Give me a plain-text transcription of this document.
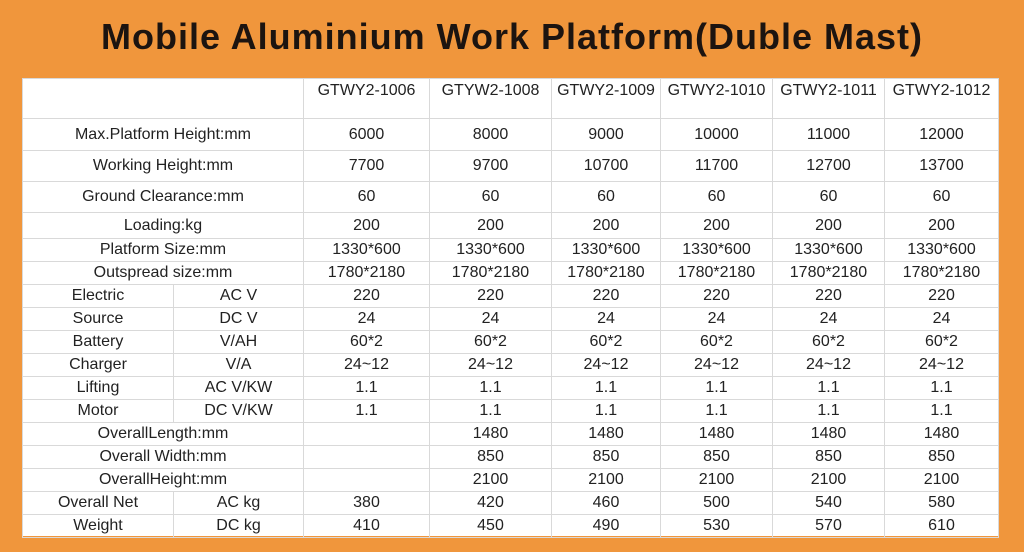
Mobile Aluminium Work Platform(Duble Mast)
		GTWY2-1006	GTYW2-1008	GTWY2-1009	GTWY2-1010	GTWY2-1011	GTWY2-1012
Max.Platform Height:mm		6000	8000	9000	10000	11000	12000
Working Height:mm		7700	9700	10700	11700	12700	13700
Ground Clearance:mm		60	60	60	60	60	60
Loading:kg		200	200	200	200	200	200
Platform Size:mm		1330*600	1330*600	1330*600	1330*600	1330*600	1330*600
Outspread size:mm		1780*2180	1780*2180	1780*2180	1780*2180	1780*2180	1780*2180
Electric	AC V	220	220	220	220	220	220
Source	DC V	24	24	24	24	24	24
Battery	V/AH	60*2	60*2	60*2	60*2	60*2	60*2
Charger	V/A	24~12	24~12	24~12	24~12	24~12	24~12
Lifting	AC V/KW	1.1	1.1	1.1	1.1	1.1	1.1
Motor	DC V/KW	1.1	1.1	1.1	1.1	1.1	1.1
OverallLength:mm			1480	1480	1480	1480	1480
Overall Width:mm			850	850	850	850	850
OverallHeight:mm			2100	2100	2100	2100	2100
Overall Net	AC kg	380	420	460	500	540	580
Weight	DC kg	410	450	490	530	570	610
